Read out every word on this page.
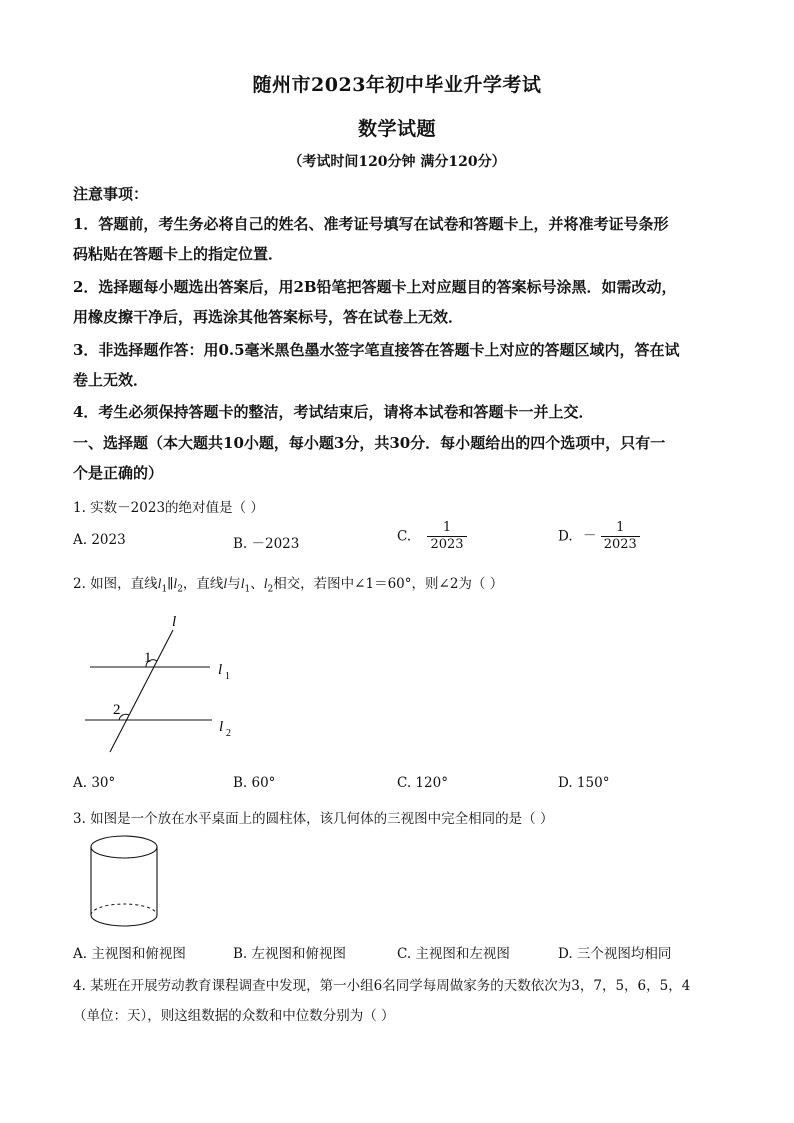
随州市2023年初中毕业升学考试
数学试题
（考试时间120分钟 满分120分）
注意事项：
1．答题前，考生务必将自己的姓名、准考证号填写在试卷和答题卡上，并将准考证号条形
码粘贴在答题卡上的指定位置．
2．选择题每小题选出答案后，用2B铅笔把答题卡上对应题目的答案标号涂黑．如需改动，
用橡皮擦干净后，再选涂其他答案标号，答在试卷上无效．
3．非选择题作答：用0.5毫米黑色墨水签字笔直接答在答题卡上对应的答题区域内，答在试
卷上无效．
4．考生必须保持答题卡的整洁，考试结束后，请将本试卷和答题卡一并上交．
一、选择题（本大题共10小题，每小题3分，共30分．每小题给出的四个选项中，只有一
个是正确的）
1. 实数－2023的绝对值是（ ）
A. 2023	B. －2023	C. $\frac{1}{2023}$	D. － $\frac{1}{2023}$
2. 如图，直线$l_1\parallel l_2$，直线l与$l_1$、$l_2$相交，若图中∠1＝60°，则∠2为（ ）
l
l 1
l 2
1
2
A. 30°	B. 60°	C. 120°	D. 150°
3. 如图是一个放在水平桌面上的圆柱体，该几何体的三视图中完全相同的是（ ）
A. 主视图和俯视图	B. 左视图和俯视图	C. 主视图和左视图	D. 三个视图均相同
4. 某班在开展劳动教育课程调查中发现，第一小组6名同学每周做家务的天数依次为3，7，5，6，5，4
（单位：天），则这组数据的众数和中位数分别为（ ）
